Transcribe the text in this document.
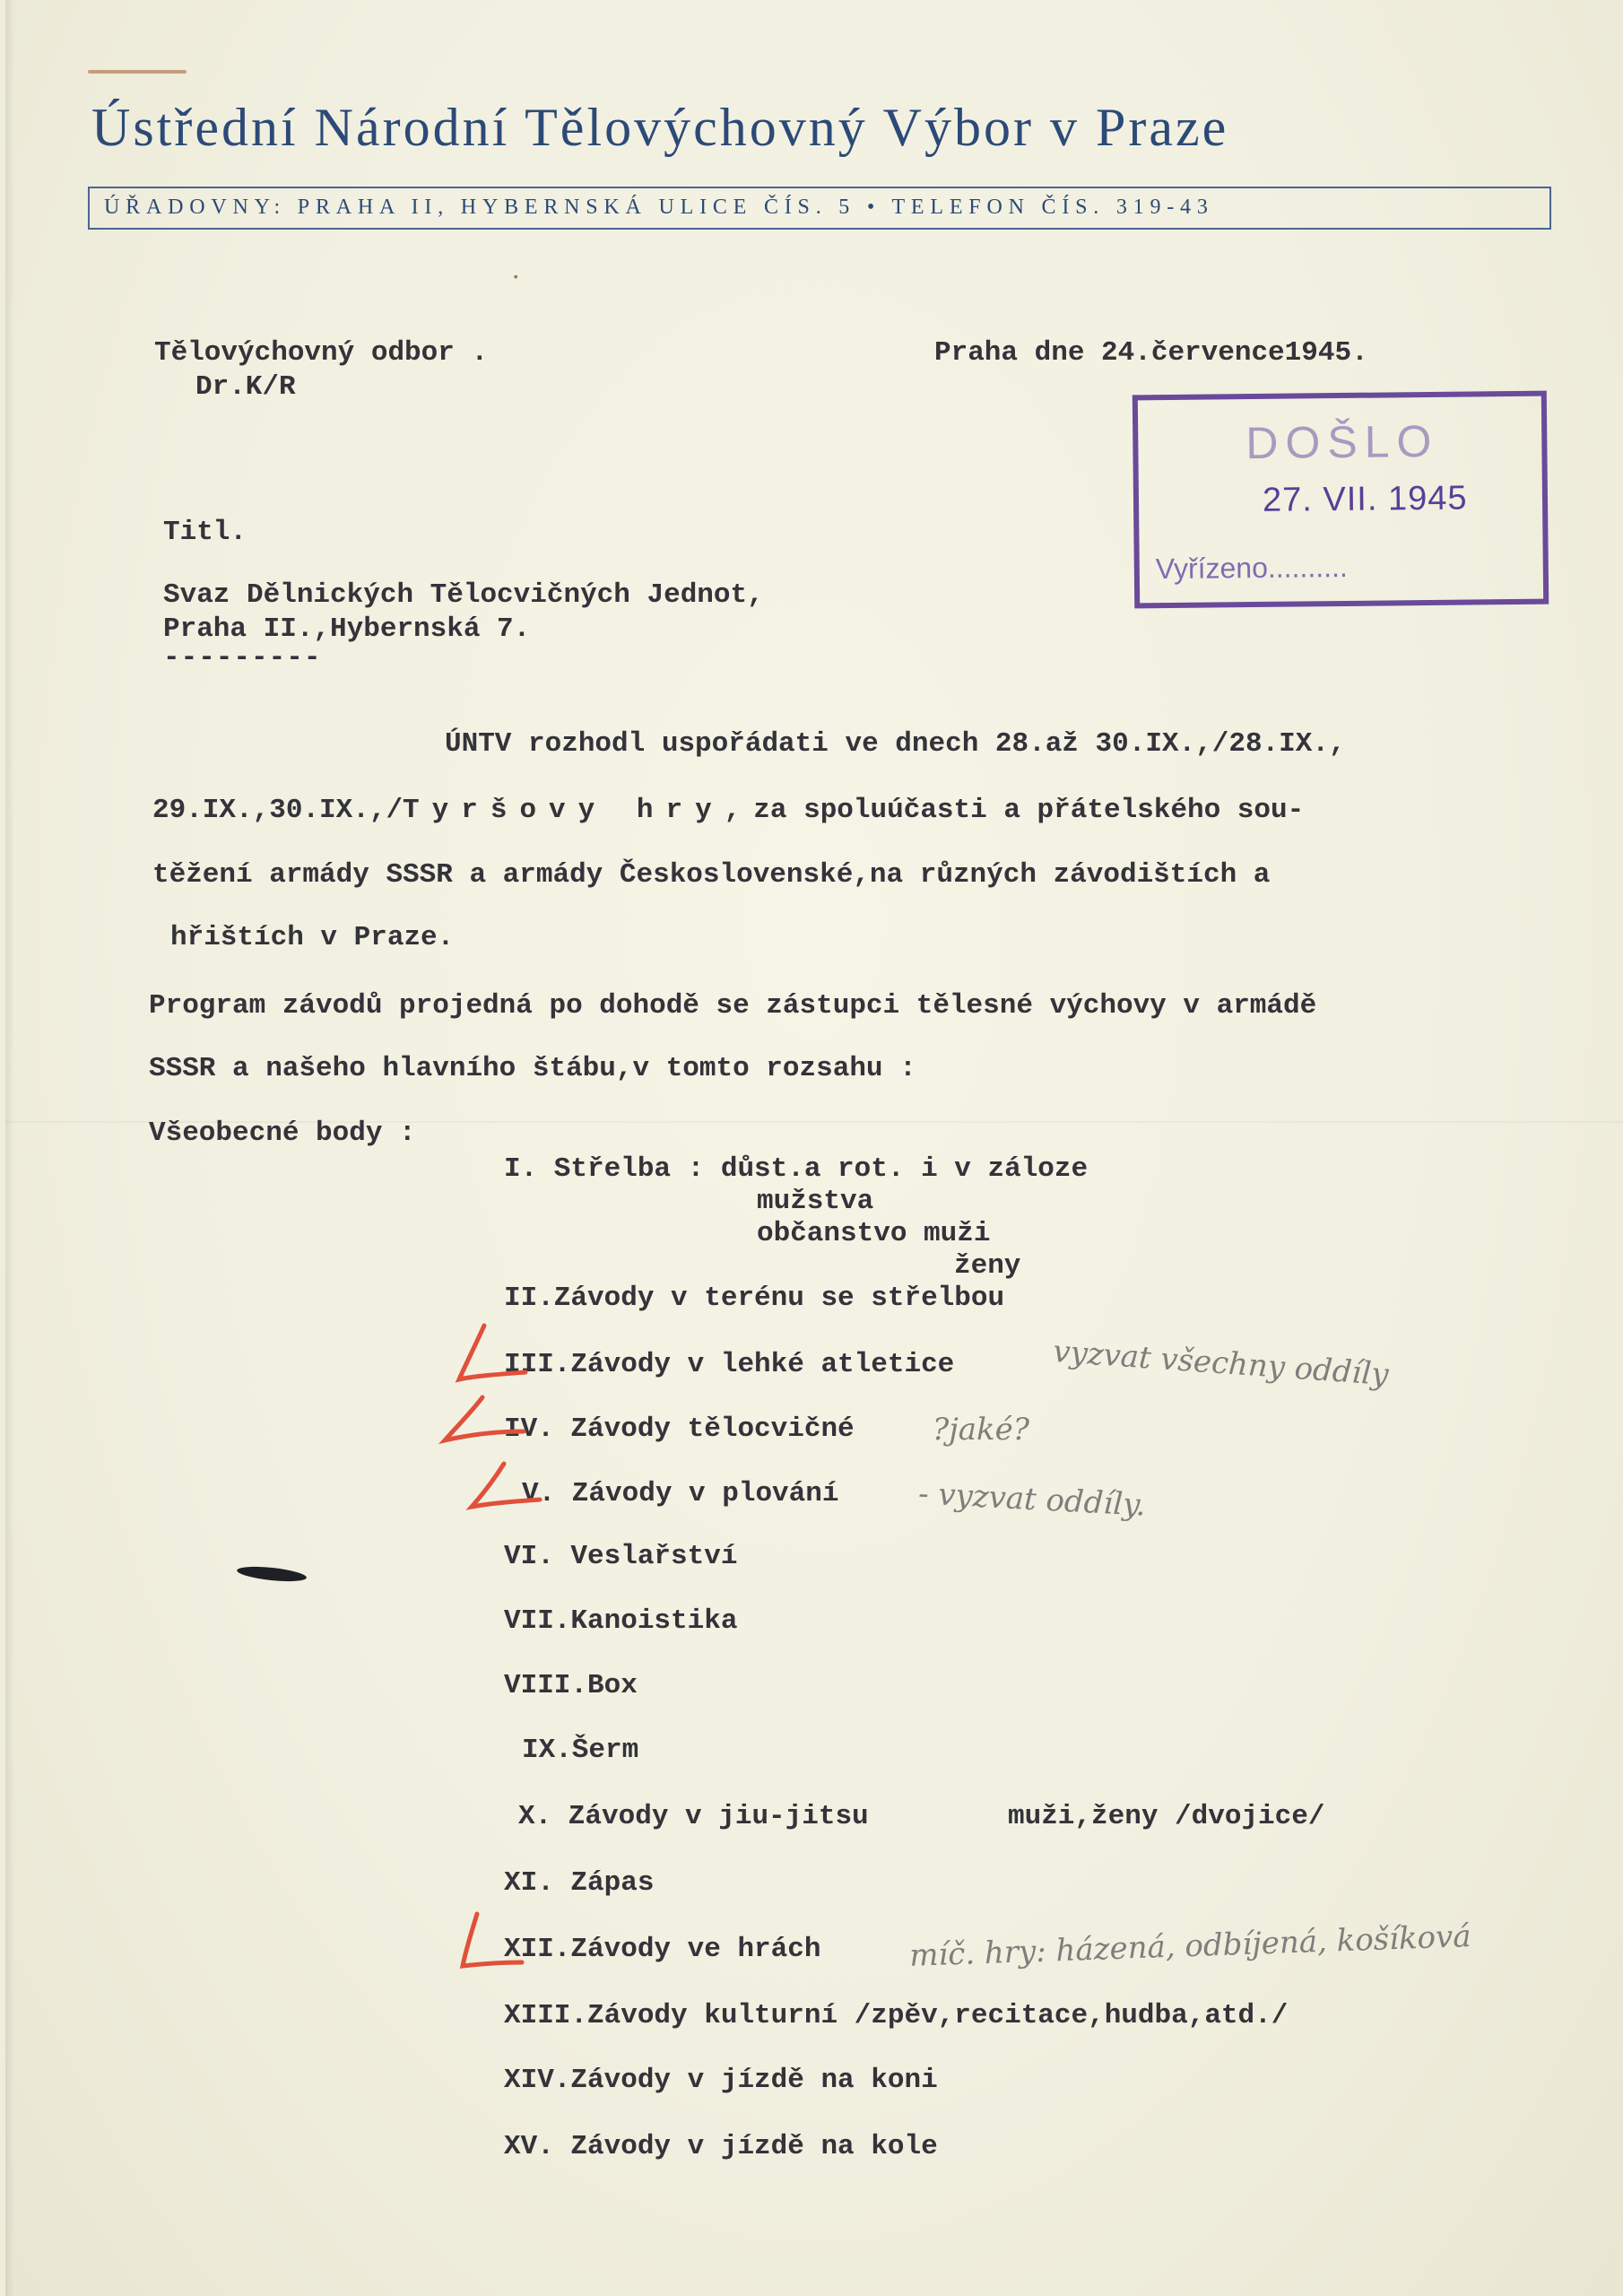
Ústřední Národní Tělovýchovný Výbor v Praze
ÚŘADOVNY: PRAHA II, HYBERNSKÁ ULICE ČÍS. 5 • TELEFON ČÍS. 319-43
•
Tělovýchovný odbor .
Dr.K/R
Praha dne 24.července1945.
DOŠLO
27. VII. 1945
Vyřízeno..........
Titl.
Svaz Dělnických Tělocvičných Jednot,
Praha II.,Hybernská 7.
---------
ÚNTV rozhodl uspořádati ve dnech 28.až 30.IX.,/28.IX.,
29.IX.,30.IX.,/Tyršovy hry,za spoluúčasti a přátelského sou-
těžení armády SSSR a armády Československé,na různých závodištích a
hřištích v Praze.
Program závodů projedná po dohodě se zástupci tělesné výchovy v armádě
SSSR a našeho hlavního štábu,v tomto rozsahu :
Všeobecné body :
I. Střelba : důst.a rot. i v záloze
mužstva
občanstvo muži
ženy
II.Závody v terénu se střelbou
III.Závody v lehké atletice
IV. Závody tělocvičné
V. Závody v plování
VI. Veslařství
VII.Kanoistika
VIII.Box
IX.Šerm
X. Závody v jiu-jitsu	muži,ženy /dvojice/
XI. Zápas
XII.Závody ve hrách
XIII.Závody kulturní /zpěv,recitace,hudba,atd./
XIV.Závody v jízdě na koni
XV. Závody v jízdě na kole
vyzvat všechny oddíly
?jaké?
- vyzvat oddíly.
míč. hry: házená, odbíjená, košíková
